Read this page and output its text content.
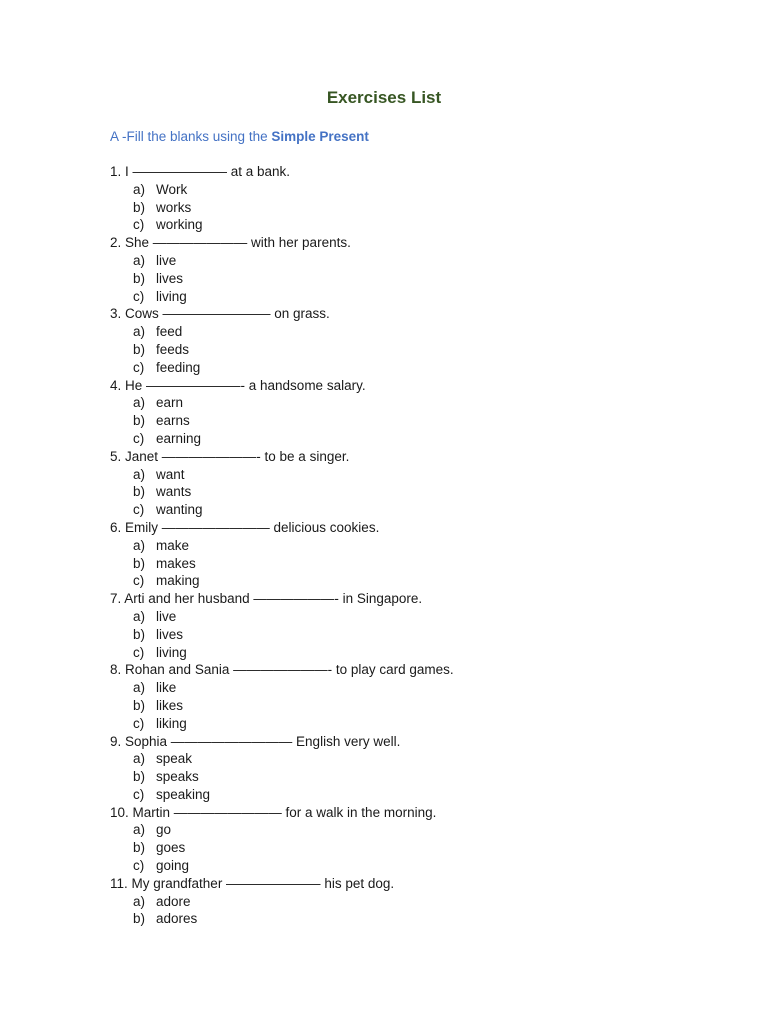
Exercises List

A -Fill the blanks using the Simple Present

1. I ——————— at a bank.
a) Work
b) works
c) working
2. She ——————— with her parents.
a) live
b) lives
c) living
3. Cows ———————— on grass.
a) feed
b) feeds
c) feeding
4. He ———————- a handsome salary.
a) earn
b) earns
c) earning
5. Janet ———————- to be a singer.
a) want
b) wants
c) wanting
6. Emily ———————— delicious cookies.
a) make
b) makes
c) making
7. Arti and her husband ——————- in Singapore.
a) live
b) lives
c) living
8. Rohan and Sania ———————- to play card games.
a) like
b) likes
c) liking
9. Sophia ————————— English very well.
a) speak
b) speaks
c) speaking
10. Martin ———————— for a walk in the morning.
a) go
b) goes
c) going
11. My grandfather ——————— his pet dog.
a) adore
b) adores
